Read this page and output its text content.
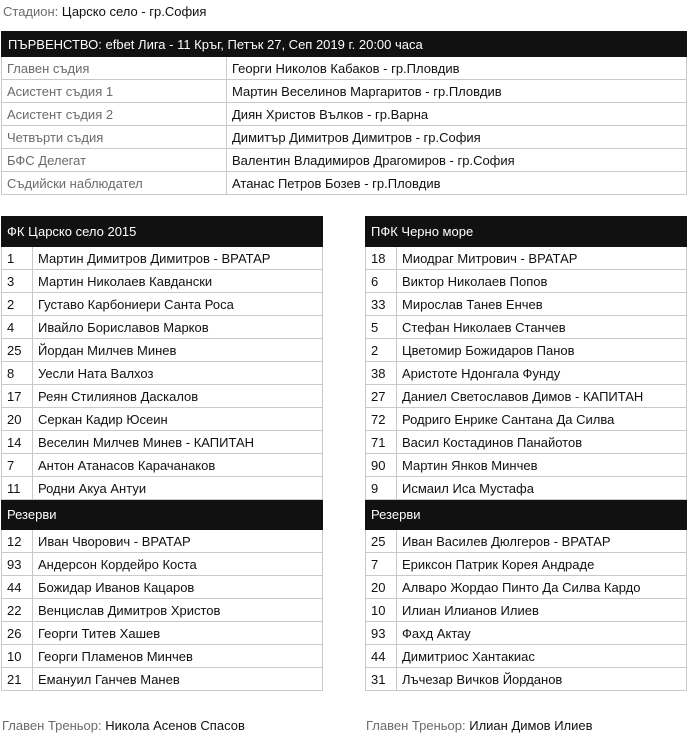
Стадион: Царско село - гр.София
ПЪРВЕНСТВО: efbet Лига - 11 Кръг, Петък 27, Сеп 2019 г. 20:00 часа	
Главен съдия	Георги Николов Кабаков - гр.Пловдив
Асистент съдия 1	Мартин Веселинов Маргаритов - гр.Пловдив
Асистент съдия 2	Диян Христов Вълков - гр.Варна
Четвърти съдия	Димитър Димитров Димитров - гр.София
БФС Делегат	Валентин Владимиров Драгомиров - гр.София
Съдийски наблюдател	Атанас Петров Бозев - гр.Пловдив
ФК Царско село 2015	
1	Мартин Димитров Димитров - ВРАТАР
3	Мартин Николаев Кавдански
2	Густаво Карбониери Санта Роса
4	Ивайло Бориславов Марков
25	Йордан Милчев Минев
8	Уесли Ната Валхоз
17	Реян Стилиянов Даскалов
20	Серкан Кадир Юсеин
14	Веселин Милчев Минев - КАПИТАН
7	Антон Атанасов Карачанаков
11	Родни Акуа Антуи
Резерви	
12	Иван Чворович - ВРАТАР
93	Андерсон Кордейро Коста
44	Божидар Иванов Кацаров
22	Венцислав Димитров Христов
26	Георги Титев Хашев
10	Георги Пламенов Минчев
21	Емануил Ганчев Манев
ПФК Черно море	
18	Миодраг Митрович - ВРАТАР
6	Виктор Николаев Попов
33	Мирослав Танев Енчев
5	Стефан Николаев Станчев
2	Цветомир Божидаров Панов
38	Аристоте Ндонгала Фунду
27	Даниел Светославов Димов - КАПИТАН
72	Родриго Енрике Сантана Да Силва
71	Васил Костадинов Панайотов
90	Мартин Янков Минчев
9	Исмаил Иса Мустафа
Резерви	
25	Иван Василев Дюлгеров - ВРАТАР
7	Ериксон Патрик Корея Андраде
20	Алваро Жордао Пинто Да Силва Кардо
10	Илиан Илианов Илиев
93	Фахд Актау
44	Димитриос Хантакиас
31	Лъчезар Вичков Йорданов
Главен Треньор: Никола Асенов Спасов	Главен Треньор: Илиан Димов Илиев
